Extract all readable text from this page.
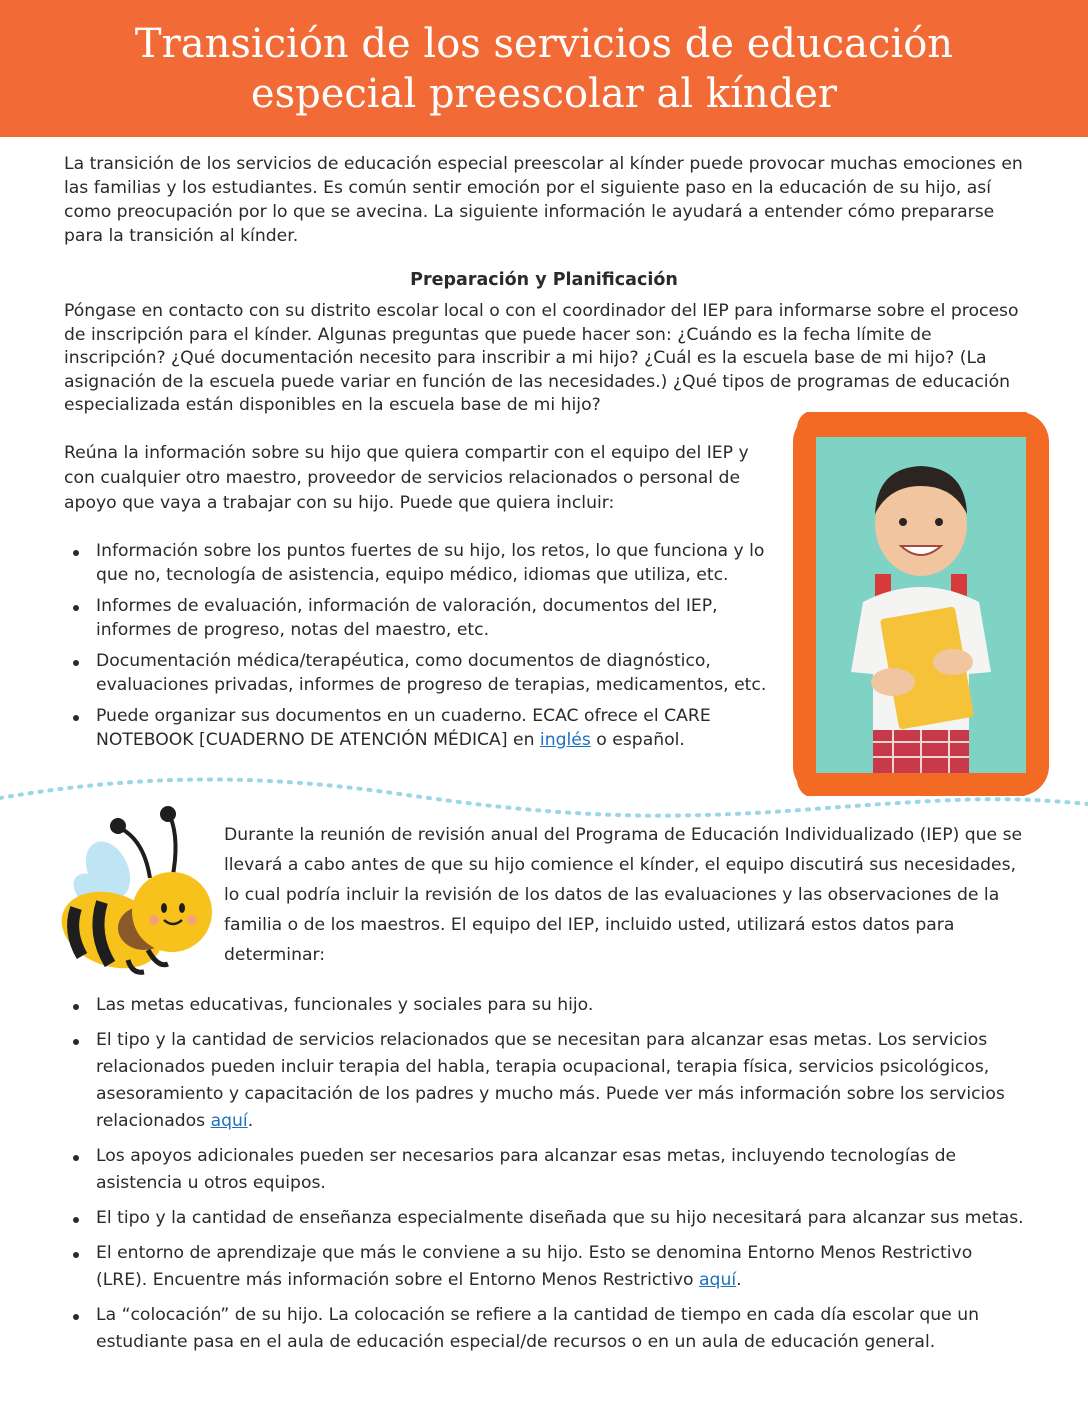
Transición de los servicios de educación
especial preescolar al kínder

La transición de los servicios de educación especial preescolar al kínder puede provocar muchas emociones en las familias y los estudiantes. Es común sentir emoción por el siguiente paso en la educación de su hijo, así como preocupación por lo que se avecina. La siguiente información le ayudará a entender cómo prepararse para la transición al kínder.

Preparación y Planificación

Póngase en contacto con su distrito escolar local o con el coordinador del IEP para informarse sobre el proceso de inscripción para el kínder. Algunas preguntas que puede hacer son: ¿Cuándo es la fecha límite de inscripción? ¿Qué documentación necesito para inscribir a mi hijo? ¿Cuál es la escuela base de mi hijo? (La asignación de la escuela puede variar en función de las necesidades.) ¿Qué tipos de programas de educación especializada están disponibles en la escuela base de mi hijo?

Reúna la información sobre su hijo que quiera compartir con el equipo del IEP y con cualquier otro maestro, proveedor de servicios relacionados o personal de apoyo que vaya a trabajar con su hijo. Puede que quiera incluir:

Información sobre los puntos fuertes de su hijo, los retos, lo que funciona y lo que no, tecnología de asistencia, equipo médico, idiomas que utiliza, etc.
Informes de evaluación, información de valoración, documentos del IEP, informes de progreso, notas del maestro, etc.
Documentación médica/terapéutica, como documentos de diagnóstico, evaluaciones privadas, informes de progreso de terapias, medicamentos, etc.
Puede organizar sus documentos en un cuaderno. ECAC ofrece el CARE NOTEBOOK [CUADERNO DE ATENCIÓN MÉDICA] en inglés o español.

Durante la reunión de revisión anual del Programa de Educación Individualizado (IEP) que se llevará a cabo antes de que su hijo comience el kínder, el equipo discutirá sus necesidades, lo cual podría incluir la revisión de los datos de las evaluaciones y las observaciones de la familia o de los maestros. El equipo del IEP, incluido usted, utilizará estos datos para determinar:

Las metas educativas, funcionales y sociales para su hijo.
El tipo y la cantidad de servicios relacionados que se necesitan para alcanzar esas metas. Los servicios relacionados pueden incluir terapia del habla, terapia ocupacional, terapia física, servicios psicológicos, asesoramiento y capacitación de los padres y mucho más. Puede ver más información sobre los servicios relacionados aquí.
Los apoyos adicionales pueden ser necesarios para alcanzar esas metas, incluyendo tecnologías de asistencia u otros equipos.
El tipo y la cantidad de enseñanza especialmente diseñada que su hijo necesitará para alcanzar sus metas.
El entorno de aprendizaje que más le conviene a su hijo. Esto se denomina Entorno Menos Restrictivo (LRE). Encuentre más información sobre el Entorno Menos Restrictivo aquí.
La “colocación” de su hijo. La colocación se refiere a la cantidad de tiempo en cada día escolar que un estudiante pasa en el aula de educación especial/de recursos o en un aula de educación general.
